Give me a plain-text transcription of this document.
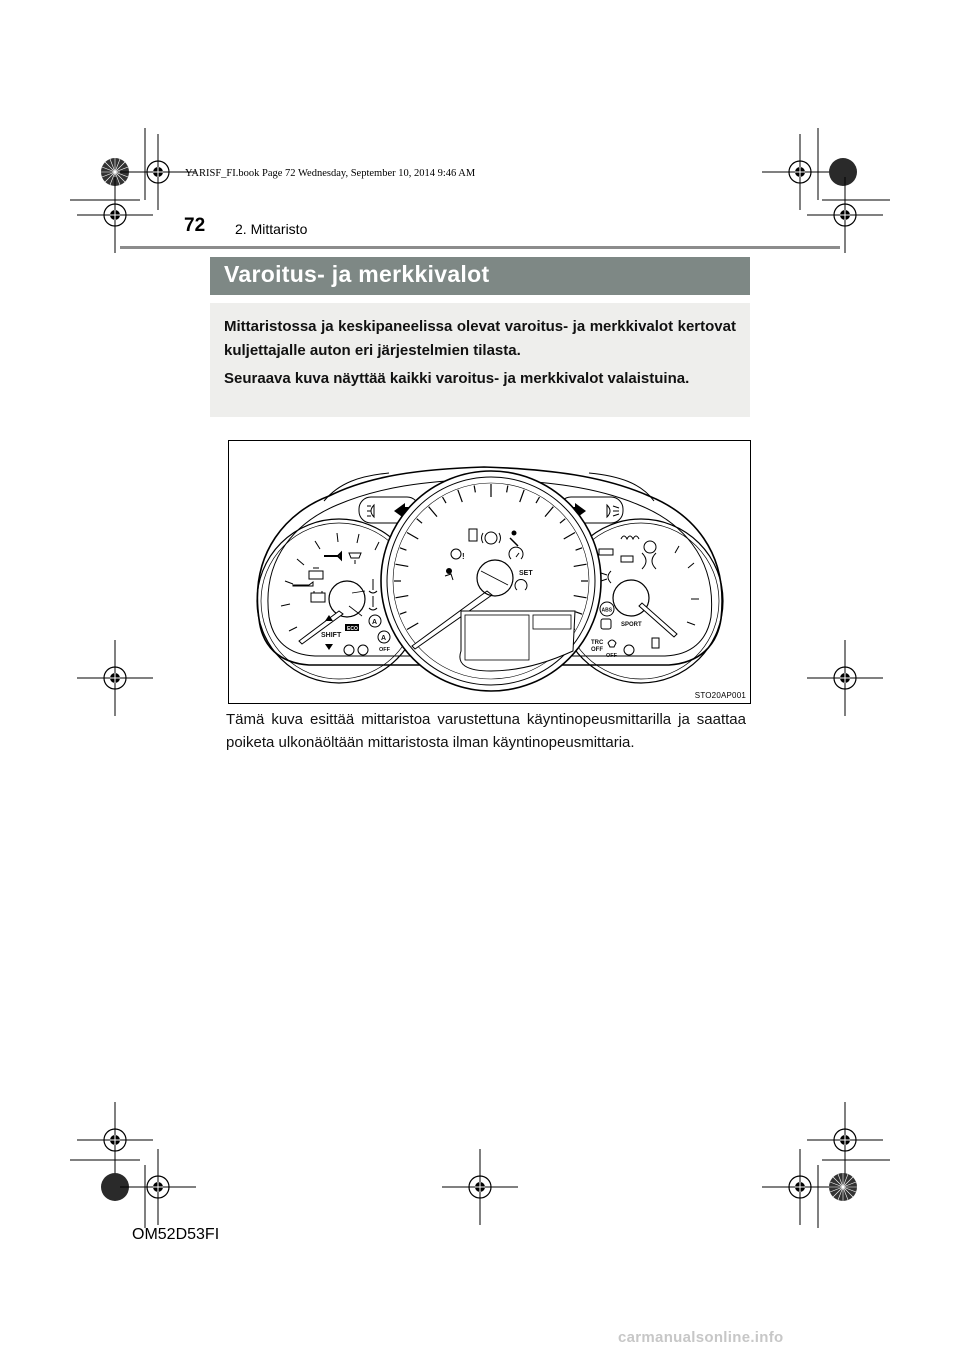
YARISF_FI.book Page 72 Wednesday, September 10, 2014 9:46 AM
72 2. Mittaristo
Varoitus- ja merkkivalot

Mittaristossa ja keskipaneelissa olevat varoitus- ja merkkivalot kertovat kuljettajalle auton eri järjestelmien tilasta.

Seuraava kuva näyttää kaikki varoitus- ja merkkivalot valaistuina.

SHIFT
ECO
A
A
OFF
ABS
SPORT
TRC
OFF
OFF
!
SET
STO20AP001

Tämä kuva esittää mittaristoa varustettuna käyntinopeusmittarilla ja saattaa poiketa ulkonäöltään mittaristosta ilman käyntinopeusmittaria.

OM52D53FI
carmanualsonline.info
